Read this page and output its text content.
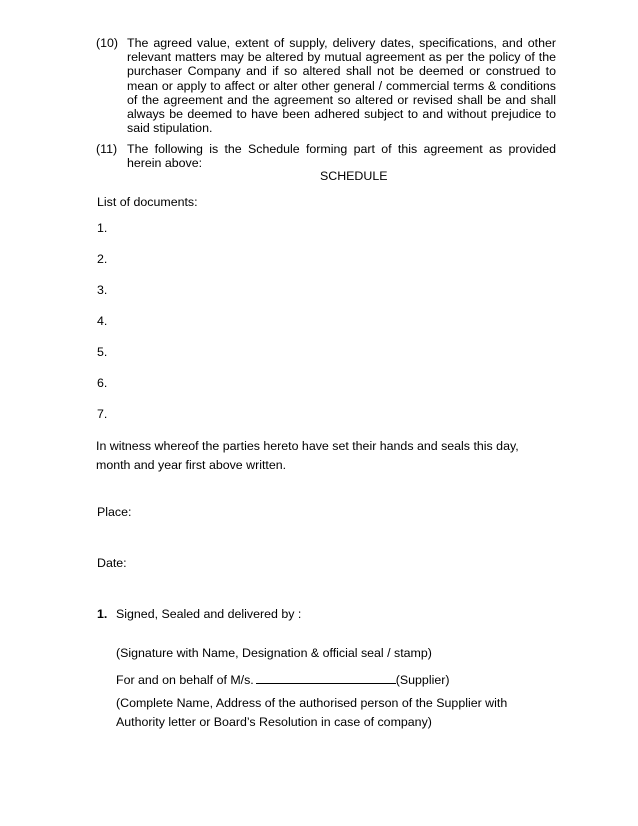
(10) The agreed value, extent of supply, delivery dates, specifications, and other relevant matters may be altered by mutual agreement as per the policy of the purchaser Company and if so altered shall not be deemed or construed to mean or apply to affect or alter other general / commercial terms & conditions of the agreement and the agreement so altered or revised shall be and shall always be deemed to have been adhered subject to and without prejudice to said stipulation.
(11) The following is the Schedule forming part of this agreement as provided herein above:
SCHEDULE
List of documents:
1.
2.
3.
4.
5.
6.
7.
In witness whereof the parties hereto have set their hands and seals this day, month and year first above written.
Place:
Date:
1. Signed, Sealed and delivered by :
(Signature with Name, Designation & official seal / stamp)
For and on behalf of M/s.	(Supplier)
(Complete Name, Address of the authorised person of the Supplier with Authority letter or Board’s Resolution in case of company)
